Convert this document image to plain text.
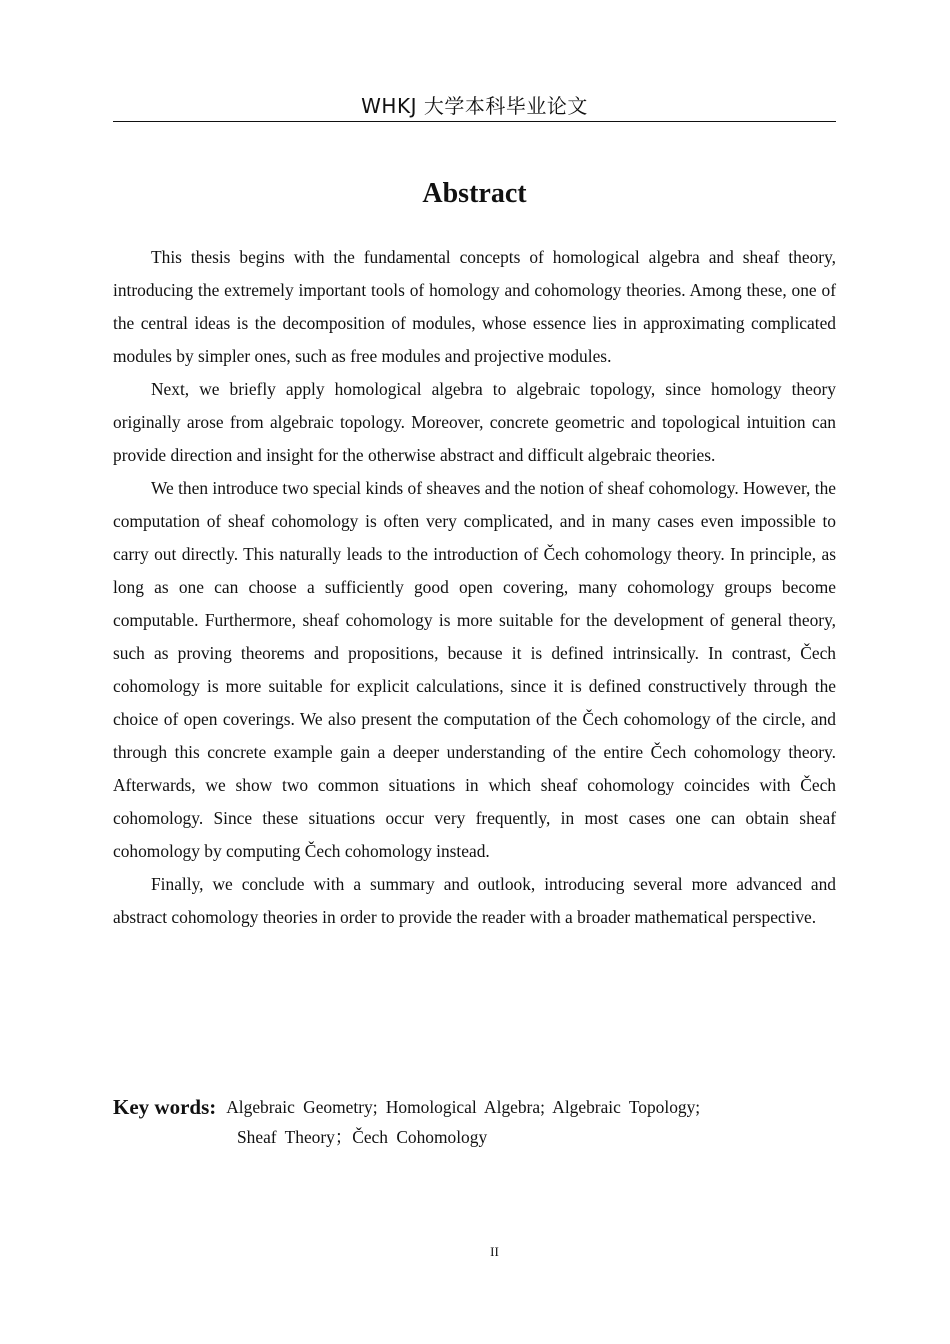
WHKJ 大学本科毕业论文
Abstract

This thesis begins with the fundamental concepts of homological algebra and sheaf theory, introducing the extremely important tools of homology and cohomology theories. Among these, one of the central ideas is the decomposition of modules, whose essence lies in approximating complicated modules by simpler ones, such as free modules and projective modules.

Next, we briefly apply homological algebra to algebraic topology, since homology theory originally arose from algebraic topology. Moreover, concrete geometric and topological intuition can provide direction and insight for the otherwise abstract and difficult algebraic theories.

We then introduce two special kinds of sheaves and the notion of sheaf cohomology. However, the computation of sheaf cohomology is often very complicated, and in many cases even impossible to carry out directly. This naturally leads to the introduction of Čech cohomology theory. In principle, as long as one can choose a sufficiently good open covering, many cohomology groups become computable. Furthermore, sheaf cohomology is more suitable for the development of general theory, such as proving theorems and propositions, because it is defined intrinsically. In contrast, Čech cohomology is more suitable for explicit calculations, since it is defined constructively through the choice of open coverings. We also present the computation of the Čech cohomology of the circle, and through this concrete example gain a deeper understanding of the entire Čech cohomology theory. Afterwards, we show two common situations in which sheaf cohomology coincides with Čech cohomology. Since these situations occur very frequently, in most cases one can obtain sheaf cohomology by computing Čech cohomology instead.

Finally, we conclude with a summary and outlook, introducing several more advanced and abstract cohomology theories in order to provide the reader with a broader mathematical perspective.

Key words: Algebraic Geometry; Homological Algebra; Algebraic Topology;
Sheaf Theory；Čech Cohomology
II
